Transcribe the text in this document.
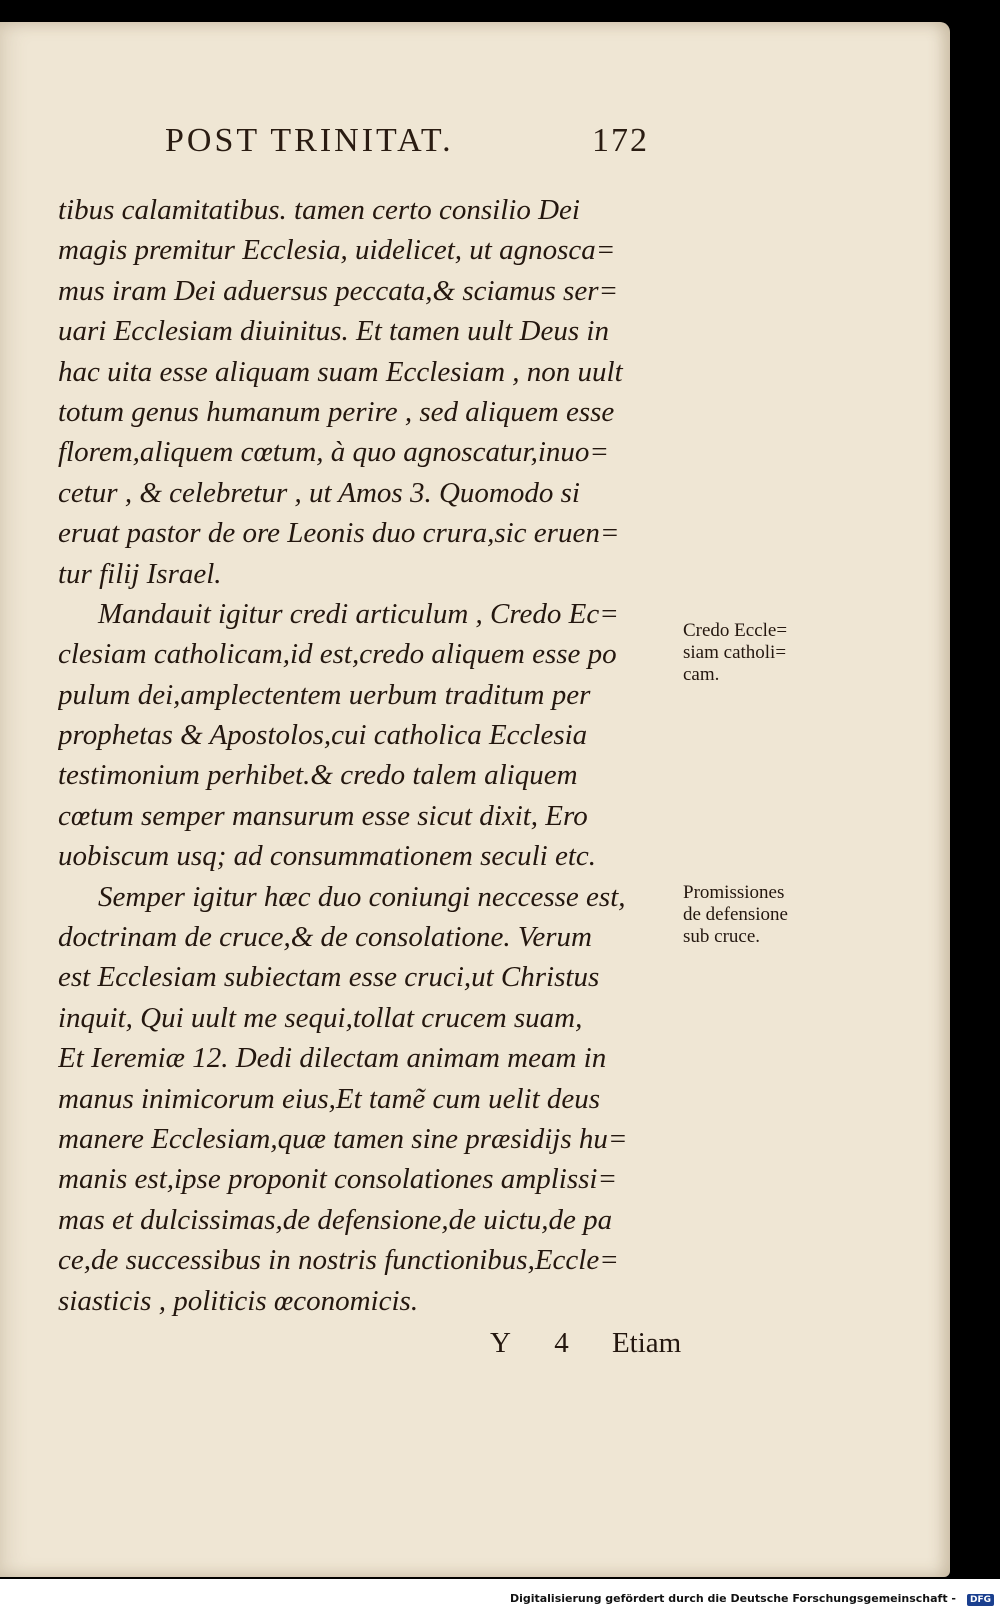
POST TRINITAT.	172
tibus calamitatibus. tamen certo consilio Dei
magis premitur Ecclesia, uidelicet, ut agnosca=
mus iram Dei aduersus peccata,& sciamus ser=
uari Ecclesiam diuinitus. Et tamen uult Deus in
hac uita esse aliquam suam Ecclesiam , non uult
totum genus humanum perire , sed aliquem esse
florem,aliquem cœtum, à quo agnoscatur,inuo=
cetur , & celebretur , ut Amos 3. Quomodo si
eruat pastor de ore Leonis duo crura,sic eruen=
tur filij Israel.
Mandauit igitur credi articulum , Credo Ec=
clesiam catholicam,id est,credo aliquem esse po
pulum dei,amplectentem uerbum traditum per
prophetas & Apostolos,cui catholica Ecclesia
testimonium perhibet.& credo talem aliquem
cœtum semper mansurum esse sicut dixit, Ero
uobiscum usq; ad consummationem seculi etc.
Semper igitur hæc duo coniungi neccesse est,
doctrinam de cruce,& de consolatione. Verum
est Ecclesiam subiectam esse cruci,ut Christus
inquit, Qui uult me sequi,tollat crucem suam,
Et Ieremiæ 12. Dedi dilectam animam meam in
manus inimicorum eius,Et tamẽ cum uelit deus
manere Ecclesiam,quæ tamen sine præsidijs hu=
manis est,ipse proponit consolationes amplissi=
mas et dulcissimas,de defensione,de uictu,de pa
ce,de successibus in nostris functionibus,Eccle=
siasticis , politicis œconomicis.
Credo Eccle=
siam catholi=
cam.
Promissiones
de defensione
sub cruce.
Y 4 Etiam
Digitalisierung gefördert durch die Deutsche Forschungsgemeinschaft -	DFG
